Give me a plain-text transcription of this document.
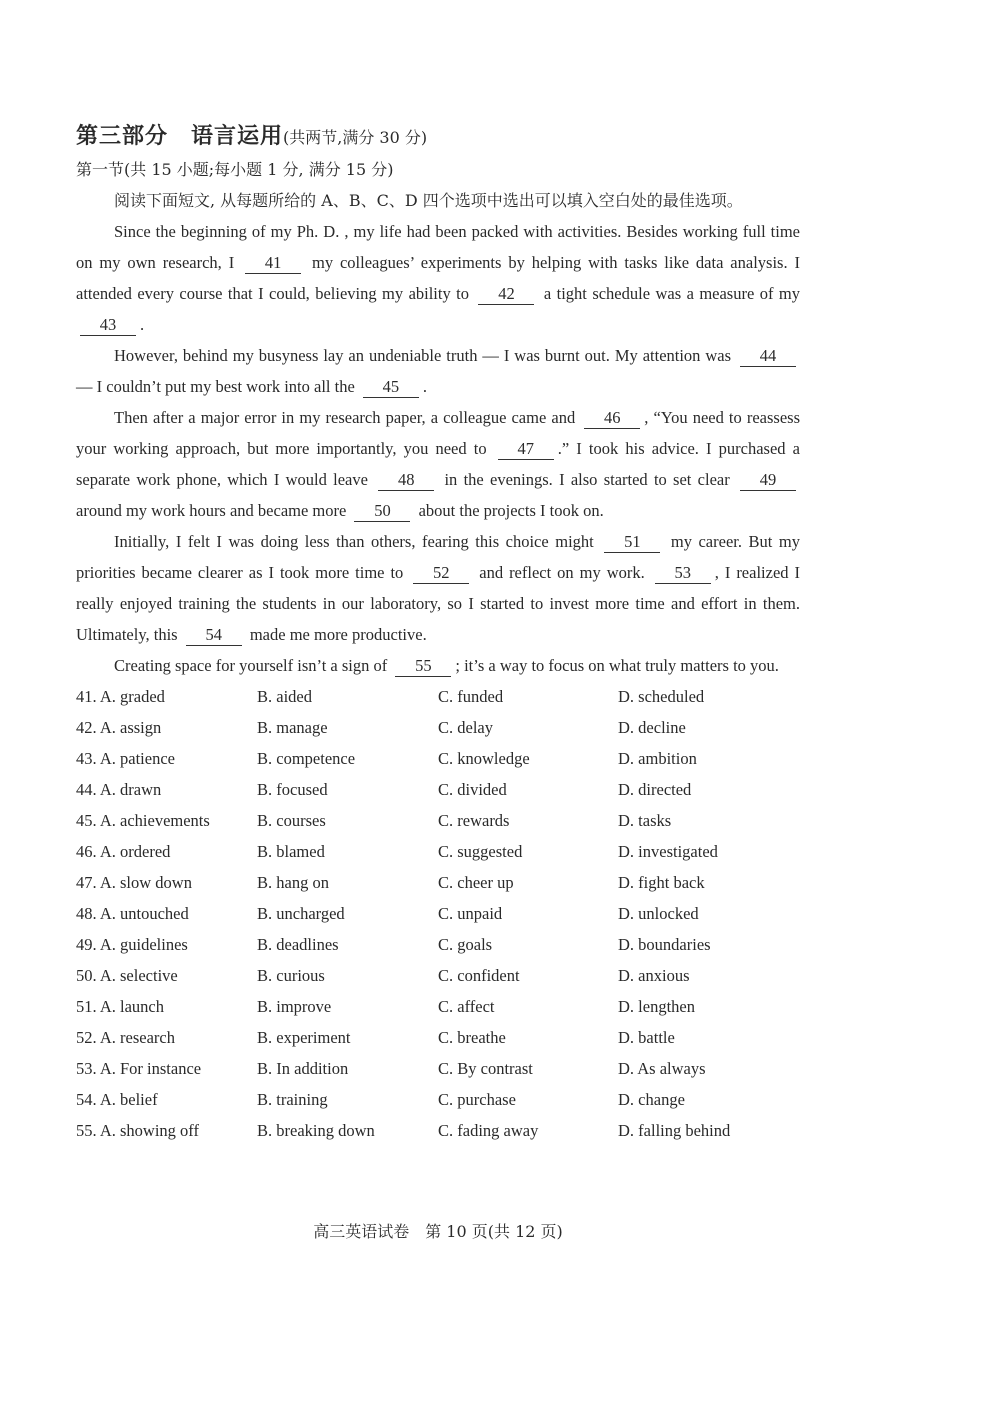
第三部分　语言运用(共两节,满分 30 分)
第一节(共 15 小题;每小题 1 分, 满分 15 分)
阅读下面短文, 从每题所给的 A、B、C、D 四个选项中选出可以填入空白处的最佳选项。

Since the beginning of my Ph. D. , my life had been packed with activities. Besides working full time on my own research, I 41 my colleagues’ experiments by helping with tasks like data analysis. I attended every course that I could, believing my ability to 42 a tight schedule was a measure of my 43 .

However, behind my busyness lay an undeniable truth — I was burnt out. My attention was 44 — I couldn’t put my best work into all the 45 .

Then after a major error in my research paper, a colleague came and 46 , “You need to reassess your working approach, but more importantly, you need to 47 .” I took his advice. I purchased a separate work phone, which I would leave 48 in the evenings. I also started to set clear 49 around my work hours and became more 50 about the projects I took on.

Initially, I felt I was doing less than others, fearing this choice might 51 my career. But my priorities became clearer as I took more time to 52 and reflect on my work. 53 , I realized I really enjoyed training the students in our laboratory, so I started to invest more time and effort in them. Ultimately, this 54 made me more productive.

Creating space for yourself isn’t a sign of 55 ; it’s a way to focus on what truly matters to you.

41. A. graded	B. aided	C. funded	D. scheduled
42. A. assign	B. manage	C. delay	D. decline
43. A. patience	B. competence	C. knowledge	D. ambition
44. A. drawn	B. focused	C. divided	D. directed
45. A. achievements	B. courses	C. rewards	D. tasks
46. A. ordered	B. blamed	C. suggested	D. investigated
47. A. slow down	B. hang on	C. cheer up	D. fight back
48. A. untouched	B. uncharged	C. unpaid	D. unlocked
49. A. guidelines	B. deadlines	C. goals	D. boundaries
50. A. selective	B. curious	C. confident	D. anxious
51. A. launch	B. improve	C. affect	D. lengthen
52. A. research	B. experiment	C. breathe	D. battle
53. A. For instance	B. In addition	C. By contrast	D. As always
54. A. belief	B. training	C. purchase	D. change
55. A. showing off	B. breaking down	C. fading away	D. falling behind
高三英语试卷　第 10 页(共 12 页)
